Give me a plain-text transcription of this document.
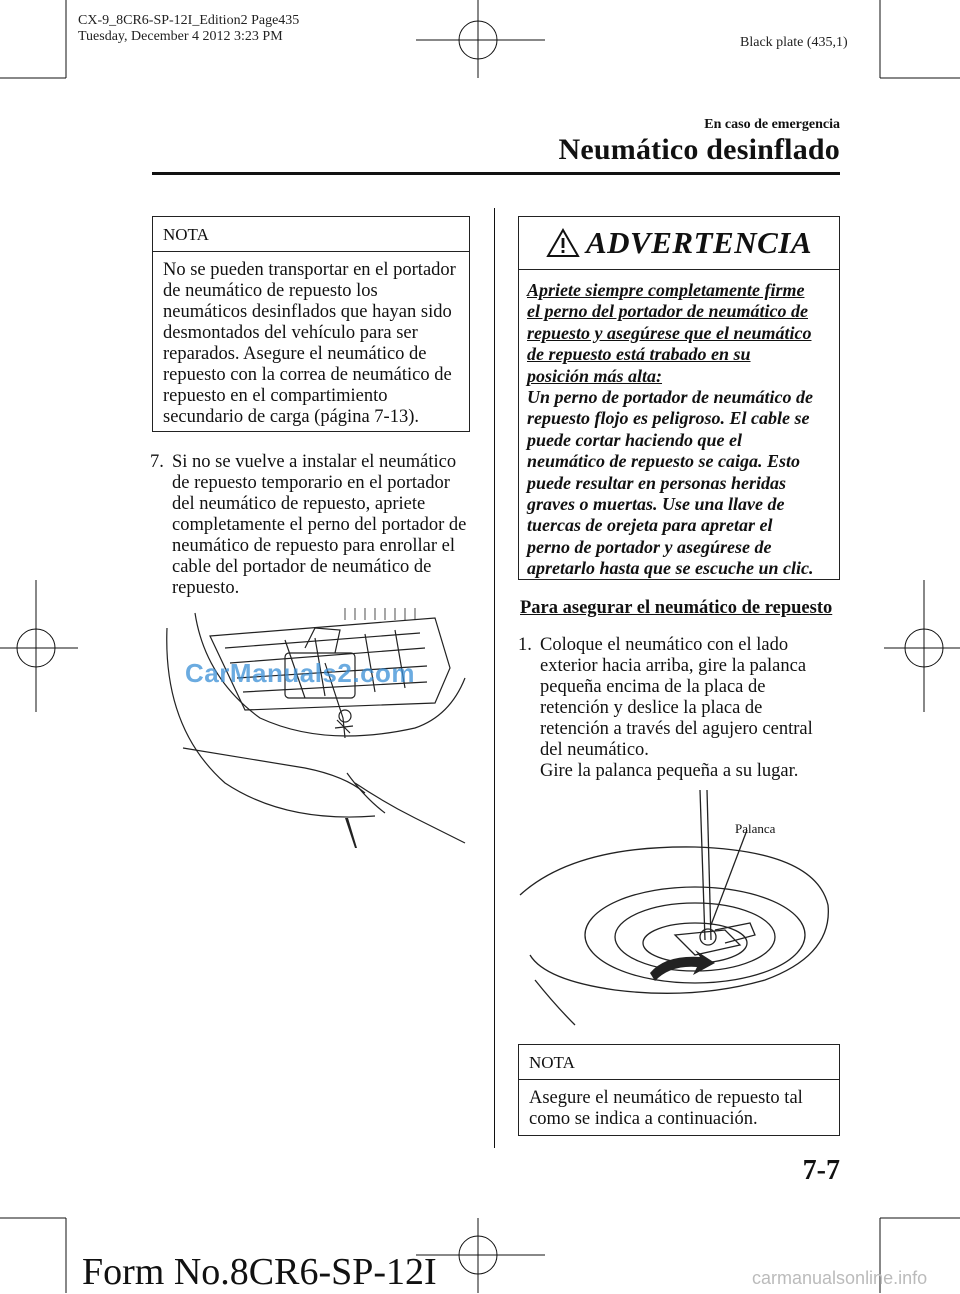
CX-9_8CR6-SP-12I_Edition2 Page435
Tuesday, December 4 2012 3:23 PM	Black plate (435,1)
En caso de emergencia
Neumático desinflado
NOTA
No se pueden transportar en el portador
de neumático de repuesto los
neumáticos desinflados que hayan sido
desmontados del vehículo para ser
reparados. Asegure el neumático de
repuesto con la correa de neumático de
repuesto en el compartimiento
secundario de carga (página 7-13).
7. Si no se vuelve a instalar el neumático
de repuesto temporario en el portador
del neumático de repuesto, apriete
completamente el perno del portador de
neumático de repuesto para enrollar el
cable del portador de neumático de
repuesto.
CarManuals2.com
ADVERTENCIA
Apriete siempre completamente firme
el perno del portador de neumático de
repuesto y asegúrese que el neumático
de repuesto está trabado en su
posición más alta:
Un perno de portador de neumático de
repuesto flojo es peligroso. El cable se
puede cortar haciendo que el
neumático de repuesto se caiga. Esto
puede resultar en personas heridas
graves o muertas. Use una llave de
tuercas de orejeta para apretar el
perno de portador y asegúrese de
apretarlo hasta que se escuche un clic.
Para asegurar el neumático de repuesto
1. Coloque el neumático con el lado
exterior hacia arriba, gire la palanca
pequeña encima de la placa de
retención y deslice la placa de
retención a través del agujero central
del neumático.
Gire la palanca pequeña a su lugar.
Palanca
NOTA
Asegure el neumático de repuesto tal
como se indica a continuación.
7-7
Form No.8CR6-SP-12I	carmanualsonline.info
